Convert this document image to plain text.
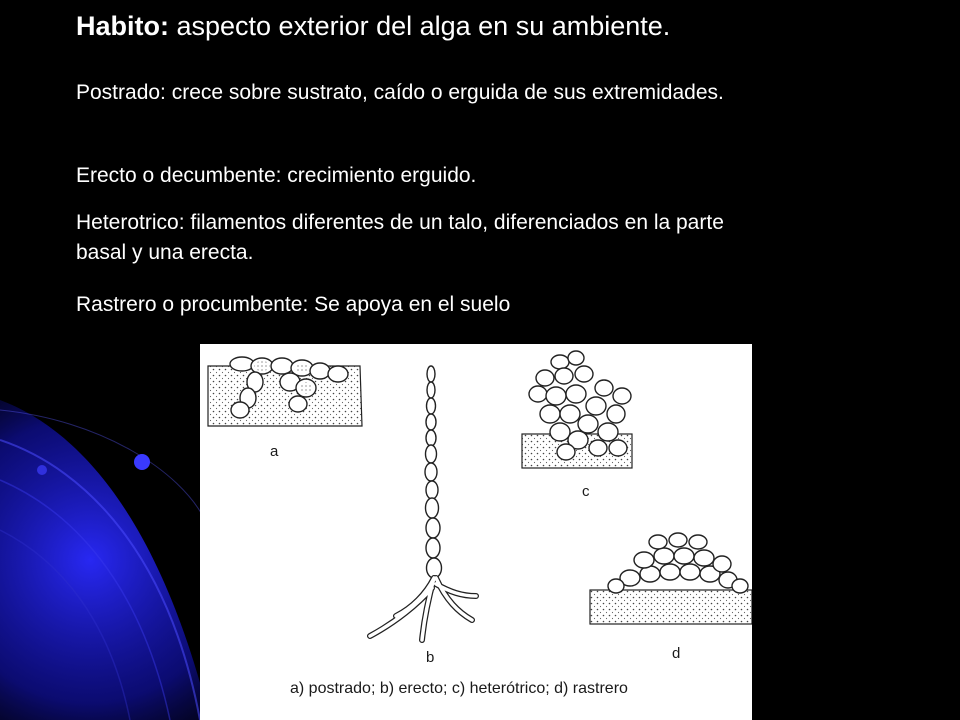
Habito: aspecto exterior del alga en su ambiente.
Postrado: crece sobre sustrato, caído o erguida de sus extremidades.
Erecto o decumbente: crecimiento erguido.
Heterotrico: filamentos diferentes de un talo, diferenciados en la parte basal y una erecta.
Rastrero o procumbente: Se apoya en el suelo
a
b
c
d
a) postrado; b) erecto; c) heterótrico; d) rastrero
